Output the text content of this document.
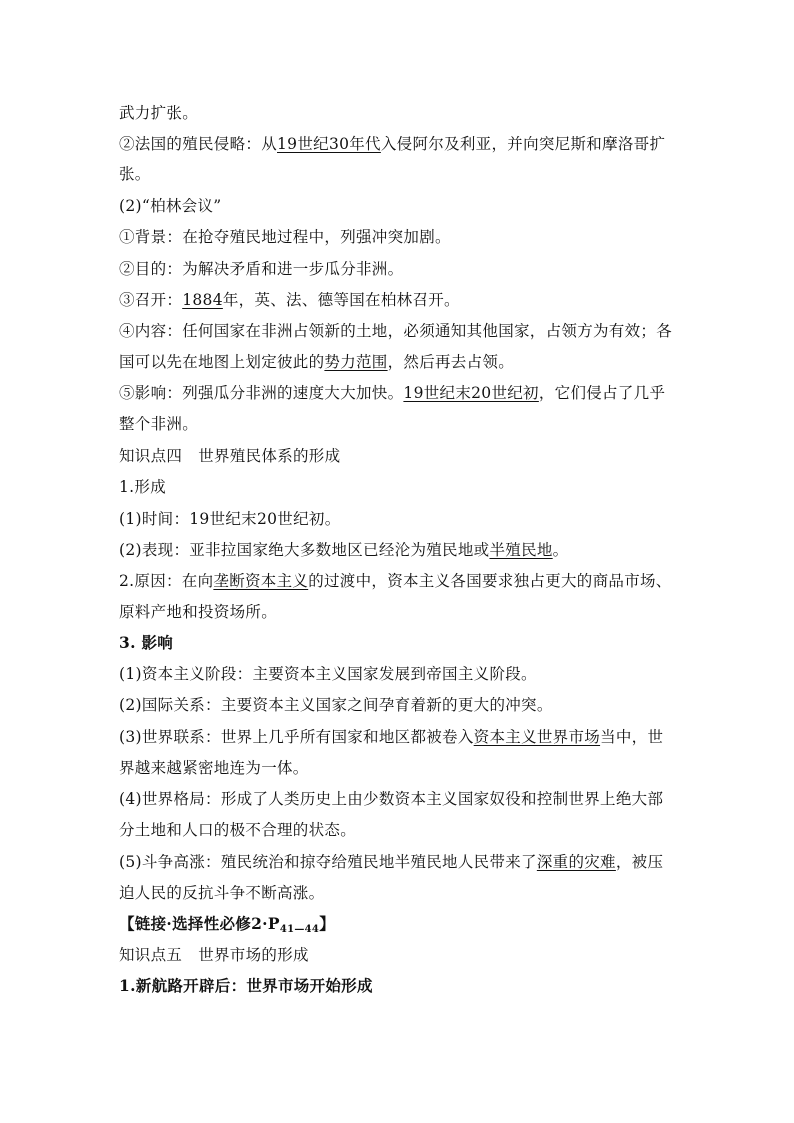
武力扩张。
②法国的殖民侵略：从19世纪30年代入侵阿尔及利亚，并向突尼斯和摩洛哥扩
张。
(2)“柏林会议”
①背景：在抢夺殖民地过程中，列强冲突加剧。
②目的：为解决矛盾和进一步瓜分非洲。
③召开：1884年，英、法、德等国在柏林召开。
④内容：任何国家在非洲占领新的土地，必须通知其他国家，占领方为有效；各
国可以先在地图上划定彼此的势力范围，然后再去占领。
⑤影响：列强瓜分非洲的速度大大加快。19世纪末20世纪初，它们侵占了几乎
整个非洲。
知识点四 世界殖民体系的形成
1.形成
(1)时间：19世纪末20世纪初。
(2)表现：亚非拉国家绝大多数地区已经沦为殖民地或半殖民地。
2.原因：在向垄断资本主义的过渡中，资本主义各国要求独占更大的商品市场、
原料产地和投资场所。
3. 影响
(1)资本主义阶段：主要资本主义国家发展到帝国主义阶段。
(2)国际关系：主要资本主义国家之间孕育着新的更大的冲突。
(3)世界联系：世界上几乎所有国家和地区都被卷入资本主义世界市场当中，世
界越来越紧密地连为一体。
(4)世界格局：形成了人类历史上由少数资本主义国家奴役和控制世界上绝大部
分土地和人口的极不合理的状态。
(5)斗争高涨：殖民统治和掠夺给殖民地半殖民地人民带来了深重的灾难，被压
迫人民的反抗斗争不断高涨。
【链接·选择性必修$2\cdot P_{41—44}$】
知识点五 世界市场的形成
1.新航路开辟后：世界市场开始形成
